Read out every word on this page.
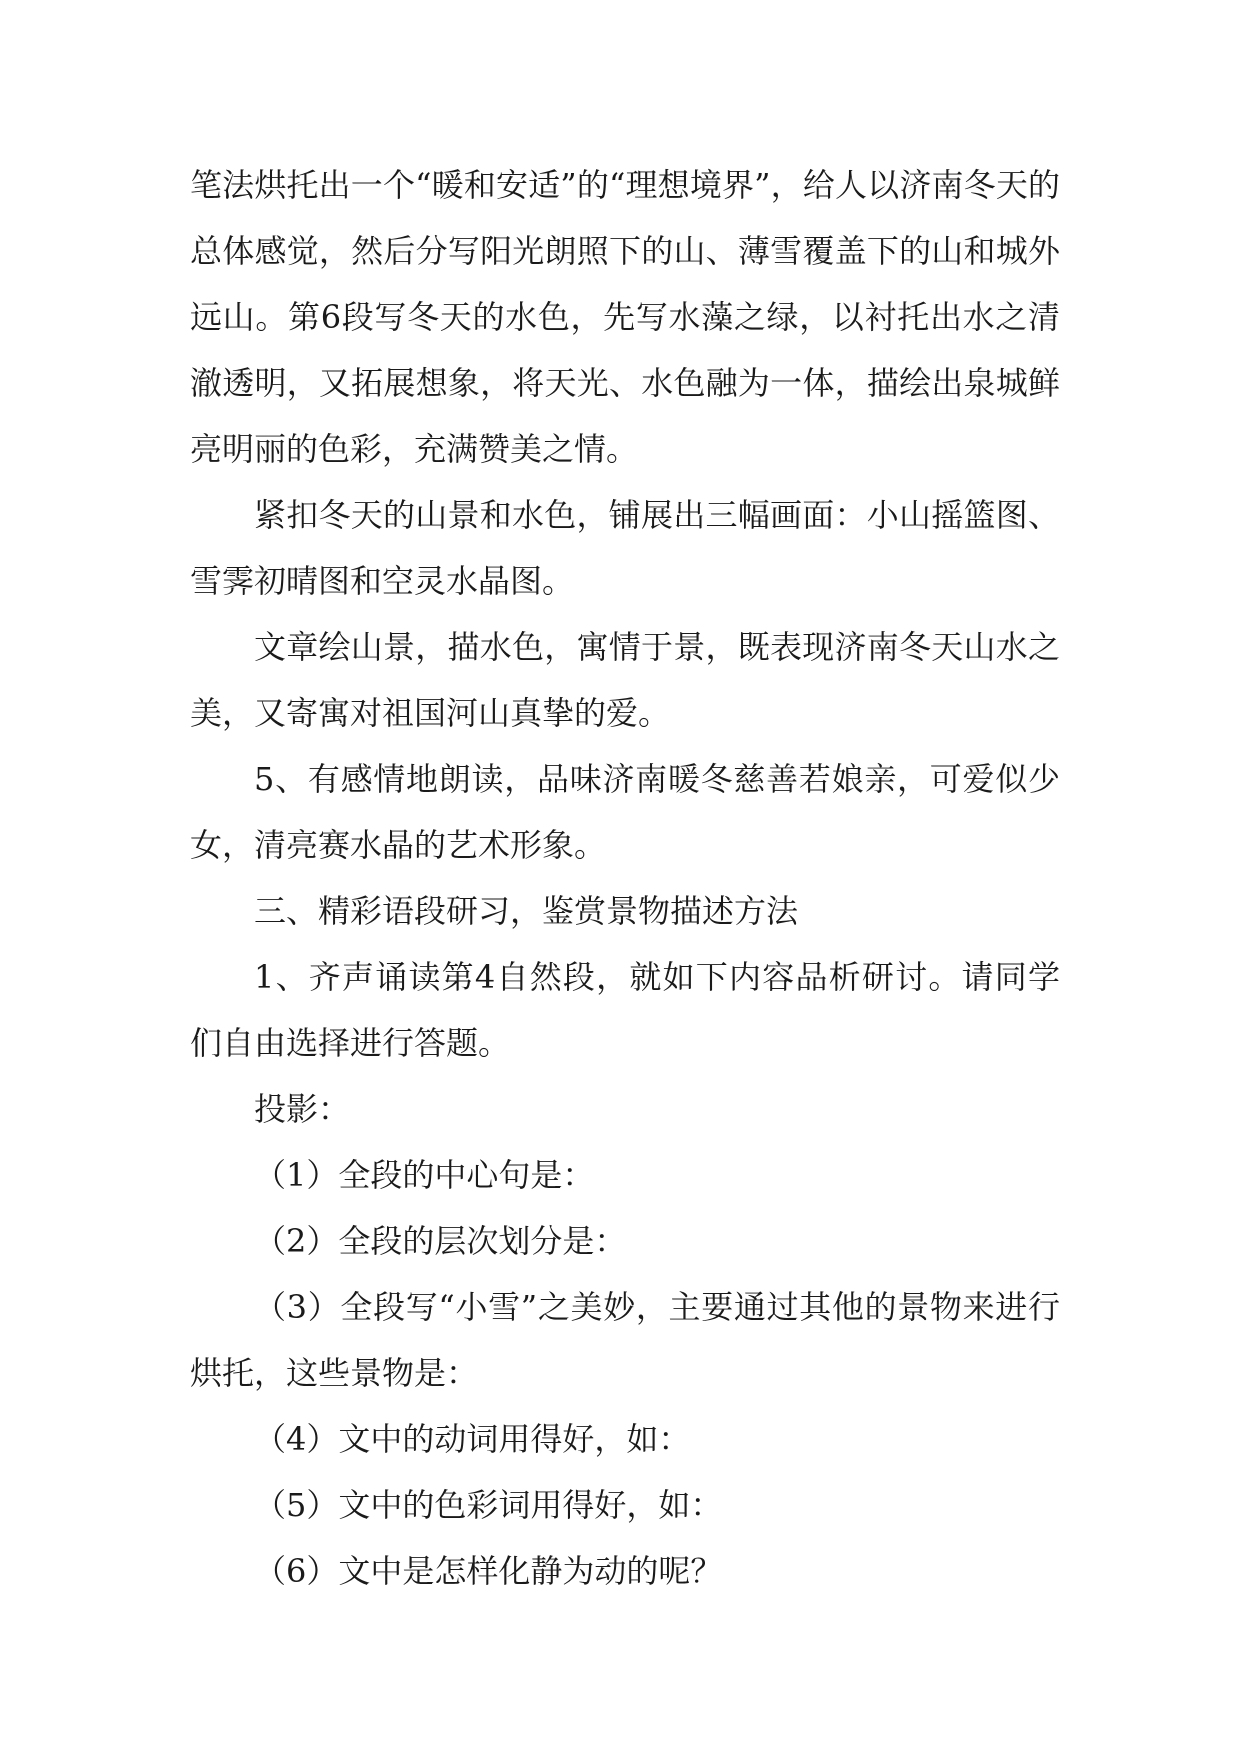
笔法烘托出一个“暖和安适”的“理想境界”，给人以济南冬天的总体感觉，然后分写阳光朗照下的山、薄雪覆盖下的山和城外远山。第6段写冬天的水色，先写水藻之绿，以衬托出水之清澈透明，又拓展想象，将天光、水色融为一体，描绘出泉城鲜亮明丽的色彩，充满赞美之情。

紧扣冬天的山景和水色，铺展出三幅画面：小山摇篮图、雪霁初晴图和空灵水晶图。

文章绘山景，描水色，寓情于景，既表现济南冬天山水之美，又寄寓对祖国河山真挚的爱。

5、有感情地朗读，品味济南暖冬慈善若娘亲，可爱似少女，清亮赛水晶的艺术形象。

三、精彩语段研习，鉴赏景物描述方法

1、齐声诵读第4自然段，就如下内容品析研讨。请同学们自由选择进行答题。

投影：

（1）全段的中心句是：

（2）全段的层次划分是：

（3）全段写“小雪”之美妙，主要通过其他的景物来进行烘托，这些景物是：

（4）文中的动词用得好，如：

（5）文中的色彩词用得好，如：

（6）文中是怎样化静为动的呢？
